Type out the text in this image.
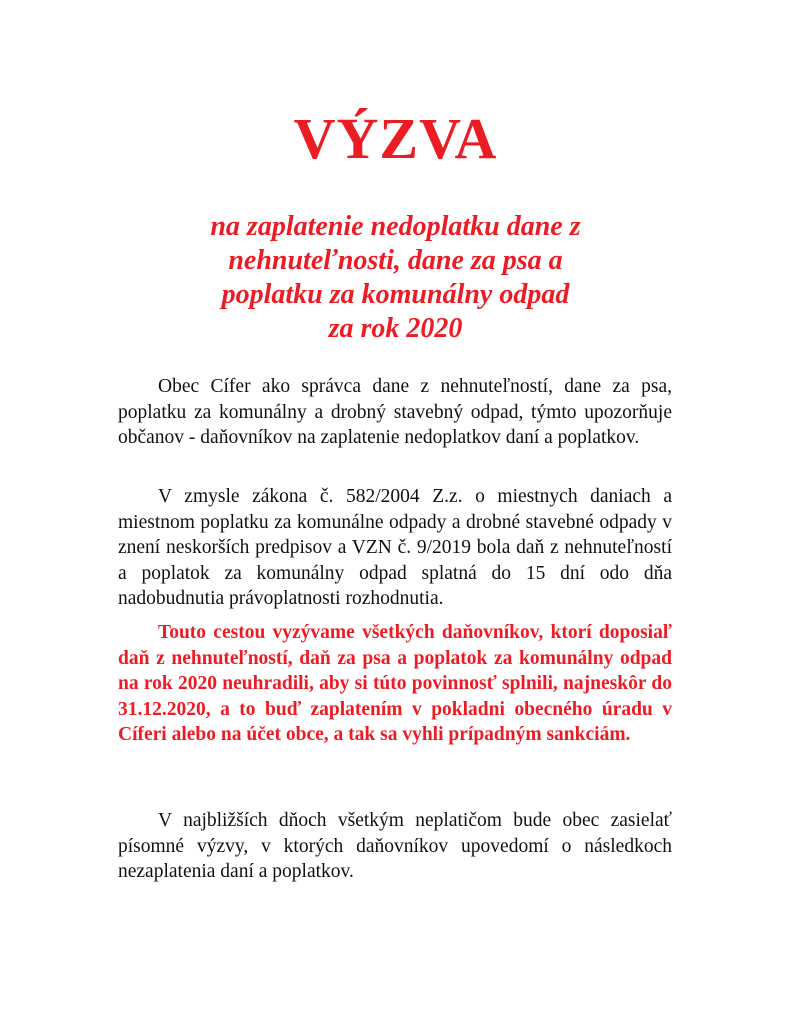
VÝZVA
na zaplatenie nedoplatku dane z
nehnuteľnosti, dane za psa a
poplatku za komunálny odpad
za rok 2020

Obec Cífer ako správca dane z nehnuteľností, dane za psa, poplatku za komunálny a drobný stavebný odpad, týmto upozorňuje občanov - daňovníkov na zaplatenie nedoplatkov daní a poplatkov.

V zmysle zákona č. 582/2004 Z.z. o miestnych daniach a miestnom poplatku za komunálne odpady a drobné stavebné odpady v znení neskorších predpisov a VZN č. 9/2019 bola daň z nehnuteľností a poplatok za komunálny odpad splatná do 15 dní odo dňa nadobudnutia právoplatnosti rozhodnutia.

Touto cestou vyzývame všetkých daňovníkov, ktorí doposiaľ daň z nehnuteľností, daň za psa a poplatok za komunálny odpad na rok 2020 neuhradili, aby si túto povinnosť splnili, najneskôr do 31.12.2020, a to buď zaplatením v pokladni obecného úradu v Cíferi alebo na účet obce, a tak sa vyhli prípadným sankciám.

V najbližších dňoch všetkým neplatičom bude obec zasielať písomné výzvy, v ktorých daňovníkov upovedomí o následkoch nezaplatenia daní a poplatkov.
